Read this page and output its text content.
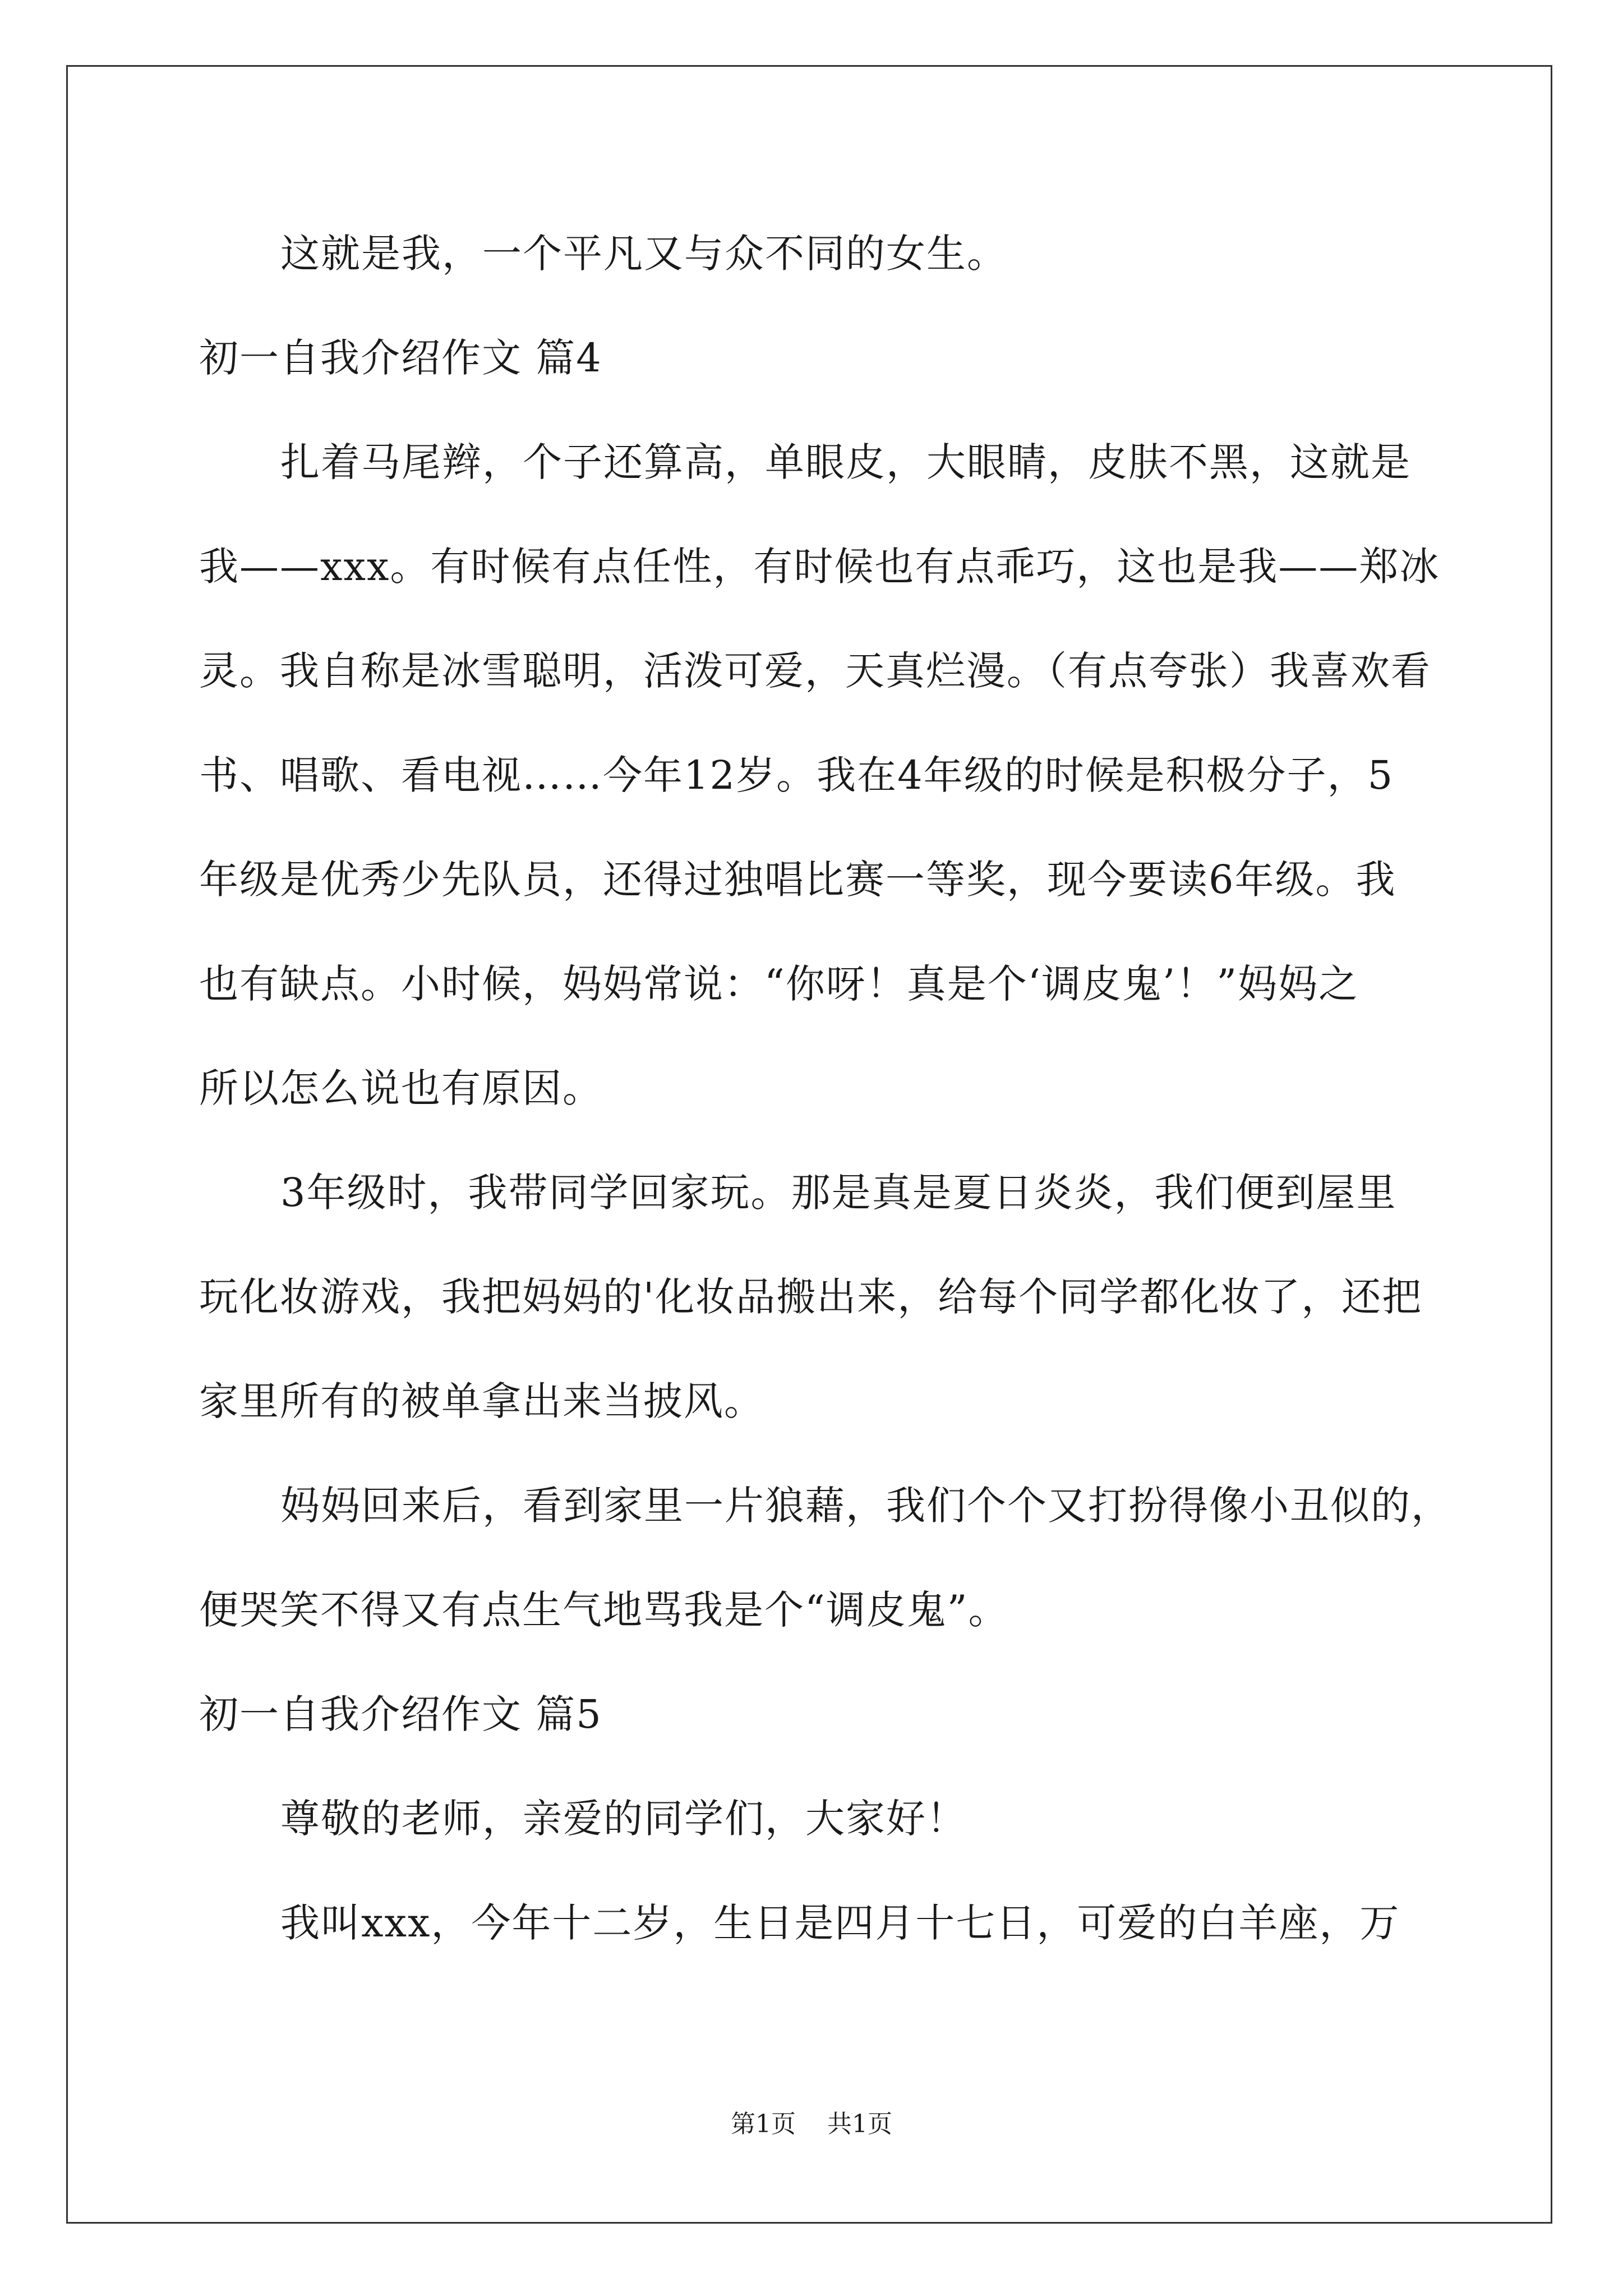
这就是我，一个平凡又与众不同的女生。
初一自我介绍作文 篇4
扎着马尾辫，个子还算高，单眼皮，大眼睛，皮肤不黑，这就是
我——xxx。有时候有点任性，有时候也有点乖巧，这也是我——郑冰
灵。我自称是冰雪聪明，活泼可爱，天真烂漫。（有点夸张）我喜欢看
书、唱歌、看电视……今年12岁。我在4年级的时候是积极分子，5
年级是优秀少先队员，还得过独唱比赛一等奖，现今要读6年级。我
也有缺点。小时候，妈妈常说：“你呀！真是个‘调皮鬼’！”妈妈之
所以怎么说也有原因。
3年级时，我带同学回家玩。那是真是夏日炎炎，我们便到屋里
玩化妆游戏，我把妈妈的'化妆品搬出来，给每个同学都化妆了，还把
家里所有的被单拿出来当披风。
妈妈回来后，看到家里一片狼藉，我们个个又打扮得像小丑似的，
便哭笑不得又有点生气地骂我是个“调皮鬼”。
初一自我介绍作文 篇5
尊敬的老师，亲爱的同学们，大家好！
我叫xxx，今年十二岁，生日是四月十七日，可爱的白羊座，万
第1页    共1页
